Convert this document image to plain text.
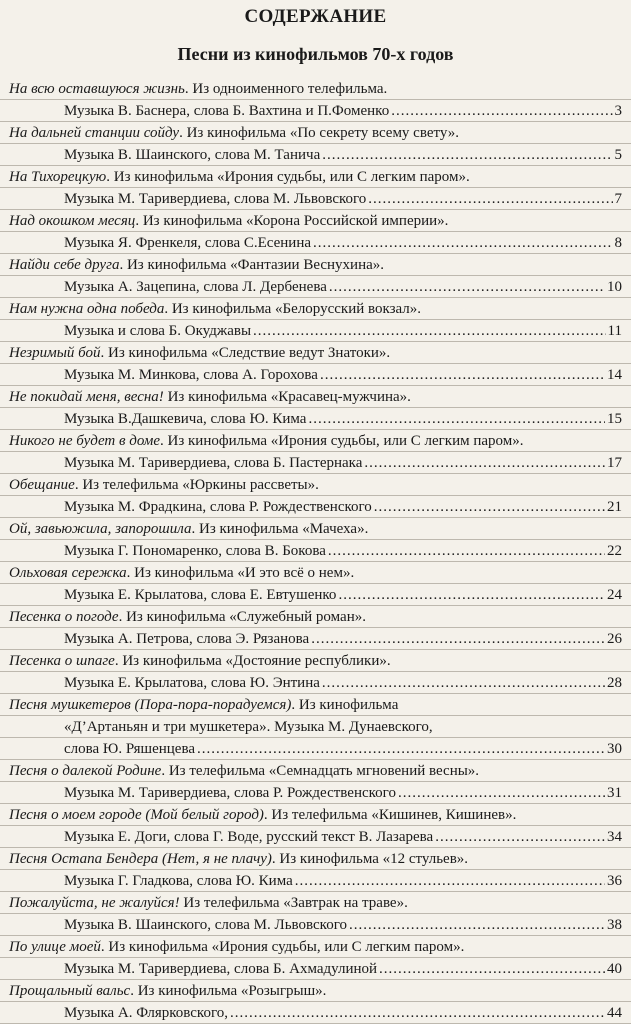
СОДЕРЖАНИЕ
Песни из кинофильмов 70-х годов
На всю оставшуюся жизнь. Из одноименного телефильма.
Музыка В. Баснера, слова Б. Вахтина и П.Фоменко .....	3
На дальней станции сойду. Из кинофильма «По секрету всему свету».
Музыка В. Шаинского, слова М. Танича .....	5
На Тихорецкую. Из кинофильма «Ирония судьбы, или С легким паром».
Музыка М. Таривердиева, слова М. Львовского .....	7
Над окошком месяц. Из кинофильма «Корона Российской империи».
Музыка Я. Френкеля, слова С.Есенина .....	8
Найди себе друга. Из кинофильма «Фантазии Веснухина».
Музыка А. Зацепина, слова Л. Дербенева .....	10
Нам нужна одна победа. Из кинофильма «Белорусский вокзал».
Музыка и слова Б. Окуджавы .....	11
Незримый бой. Из кинофильма «Следствие ведут Знатоки».
Музыка М. Минкова, слова А. Горохова .....	14
Не покидай меня, весна! Из кинофильма «Красавец-мужчина».
Музыка В.Дашкевича, слова Ю. Кима .....	15
Никого не будет в доме. Из кинофильма «Ирония судьбы, или С легким паром».
Музыка М. Таривердиева, слова Б. Пастернака .....	17
Обещание. Из телефильма «Юркины рассветы».
Музыка М. Фрадкина, слова Р. Рождественского .....	21
Ой, завьюжила, запорошила. Из кинофильма «Мачеха».
Музыка Г. Пономаренко, слова В. Бокова .....	22
Ольховая сережка. Из кинофильма «И это всё о нем».
Музыка Е. Крылатова, слова Е. Евтушенко .....	24
Песенка о погоде. Из кинофильма «Служебный роман».
Музыка А. Петрова, слова Э. Рязанова .....	26
Песенка о шпаге. Из кинофильма «Достояние республики».
Музыка Е. Крылатова, слова Ю. Энтина .....	28
Песня мушкетеров (Пора-пора-порадуемся). Из кинофильма
«Д’Артаньян и три мушкетера». Музыка М. Дунаевского,
слова Ю. Ряшенцева .....	30
Песня о далекой Родине. Из телефильма «Семнадцать мгновений весны».
Музыка М. Таривердиева, слова Р. Рождественского .....	31
Песня о моем городе (Мой белый город). Из телефильма «Кишинев, Кишинев».
Музыка Е. Доги, слова Г. Воде, русский текст В. Лазарева .....	34
Песня Остапа Бендера (Нет, я не плачу). Из кинофильма «12 стульев».
Музыка Г. Гладкова, слова Ю. Кима .....	36
Пожалуйста, не жалуйся! Из телефильма «Завтрак на траве».
Музыка В. Шаинского, слова М. Львовского .....	38
По улице моей. Из кинофильма «Ирония судьбы, или С легким паром».
Музыка М. Таривердиева, слова Б. Ахмадулиной .....	40
Прощальный вальс. Из кинофильма «Розыгрыш».
Музыка А. Флярковского, .....	44
